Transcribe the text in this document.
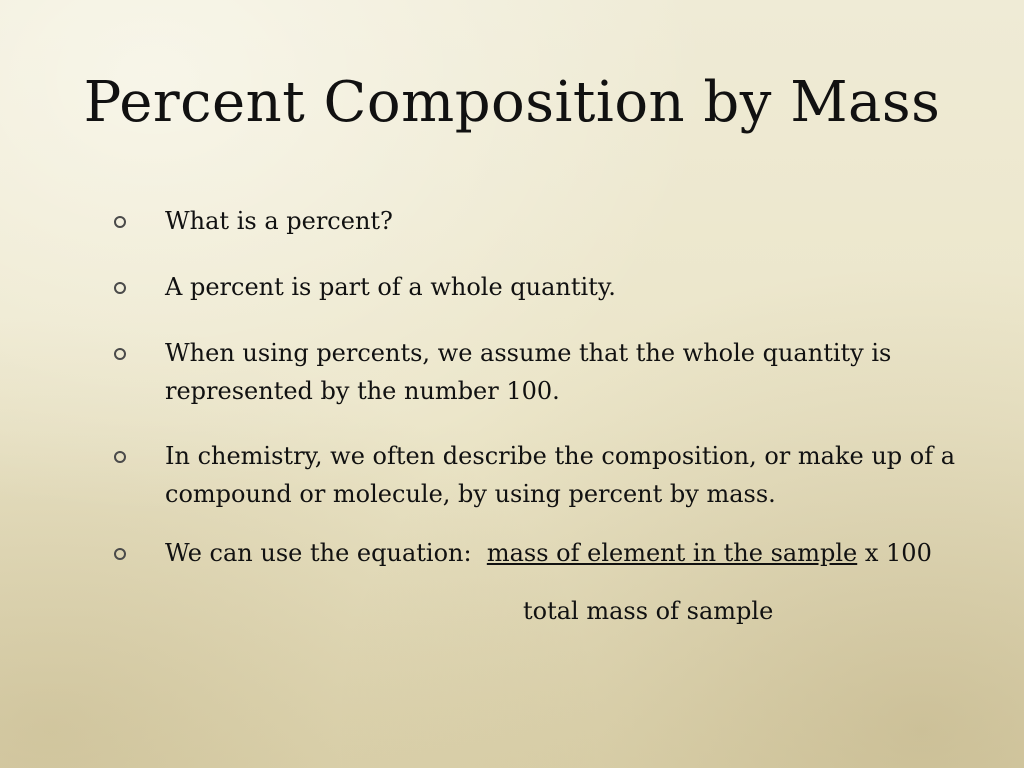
Percent Composition by Mass
What is a percent?
A percent is part of a whole quantity.
When using percents, we assume that the whole quantity is represented by the number 100.
In chemistry, we often describe the composition, or make up of a compound or molecule, by using percent by mass.
We can use the equation: mass of element in the sample x 100
total mass of sample
